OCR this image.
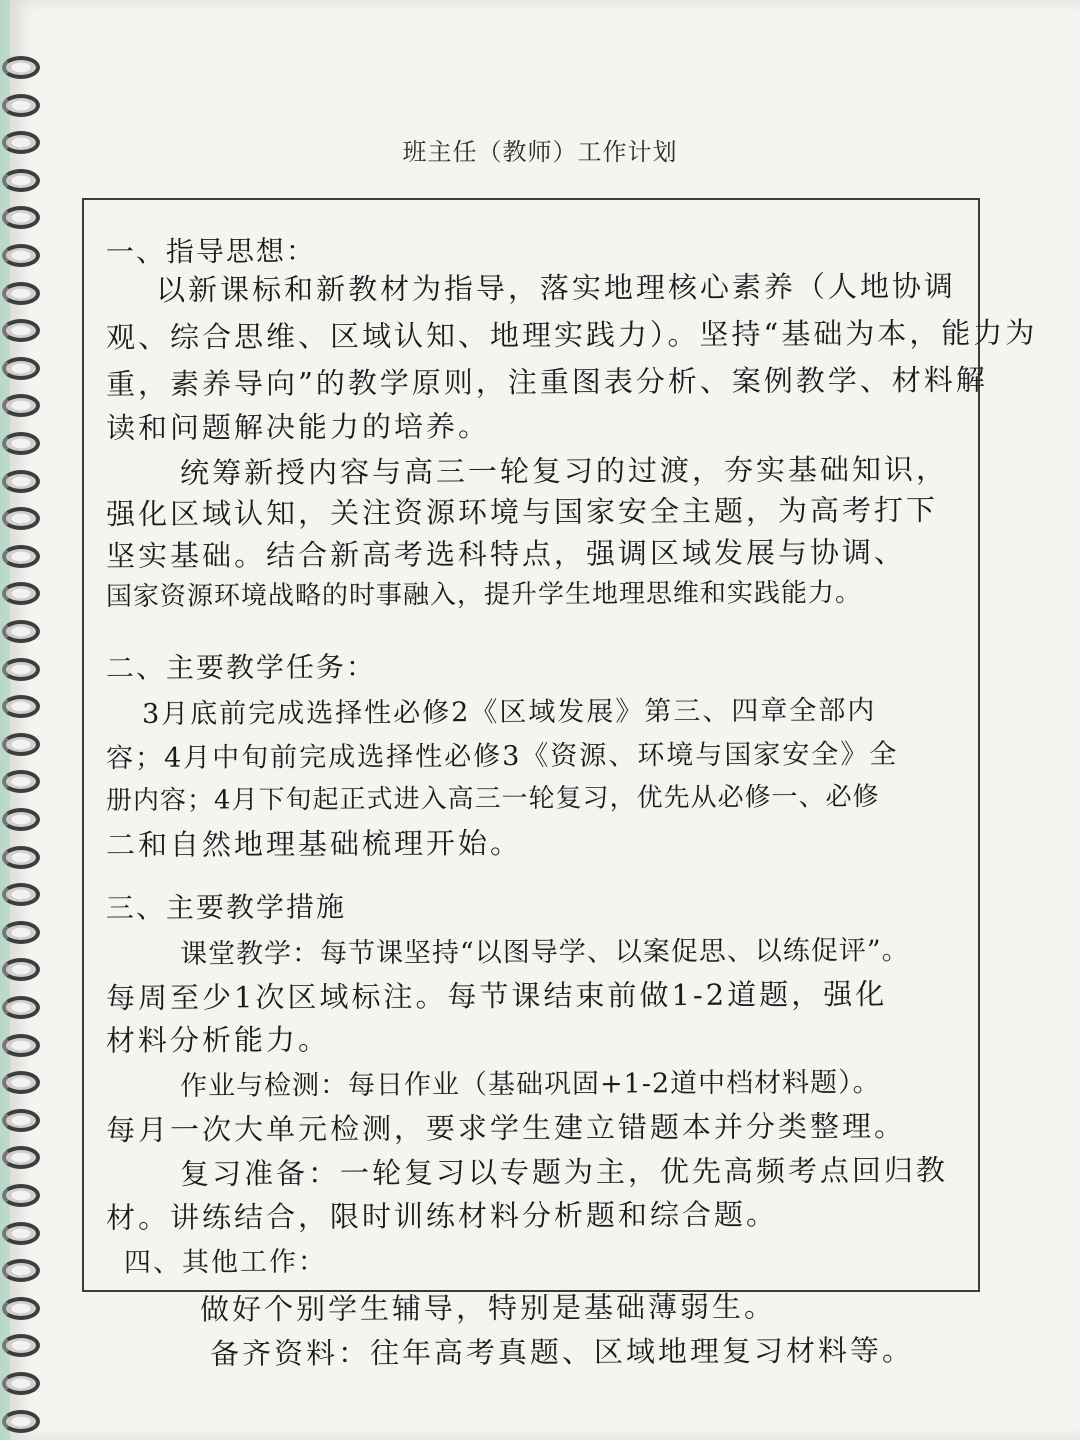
班主任（教师）工作计划
一、指导思想：
以新课标和新教材为指导，落实地理核心素养（人地协调
观、综合思维、区域认知、地理实践力）。坚持“基础为本，能力为
重，素养导向”的教学原则，注重图表分析、案例教学、材料解
读和问题解决能力的培养。
统筹新授内容与高三一轮复习的过渡，夯实基础知识，
强化区域认知，关注资源环境与国家安全主题，为高考打下
坚实基础。结合新高考选科特点，强调区域发展与协调、
国家资源环境战略的时事融入，提升学生地理思维和实践能力。
二、主要教学任务：
3月底前完成选择性必修2《区域发展》第三、四章全部内
容；4月中旬前完成选择性必修3《资源、环境与国家安全》全
册内容；4月下旬起正式进入高三一轮复习，优先从必修一、必修
二和自然地理基础梳理开始。
三、主要教学措施
课堂教学：每节课坚持“以图导学、以案促思、以练促评”。
每周至少1次区域标注。每节课结束前做1-2道题，强化
材料分析能力。
作业与检测：每日作业（基础巩固+1-2道中档材料题）。
每月一次大单元检测，要求学生建立错题本并分类整理。
复习准备：一轮复习以专题为主，优先高频考点回归教
材。讲练结合，限时训练材料分析题和综合题。
四、其他工作：
做好个别学生辅导，特别是基础薄弱生。
备齐资料：往年高考真题、区域地理复习材料等。
